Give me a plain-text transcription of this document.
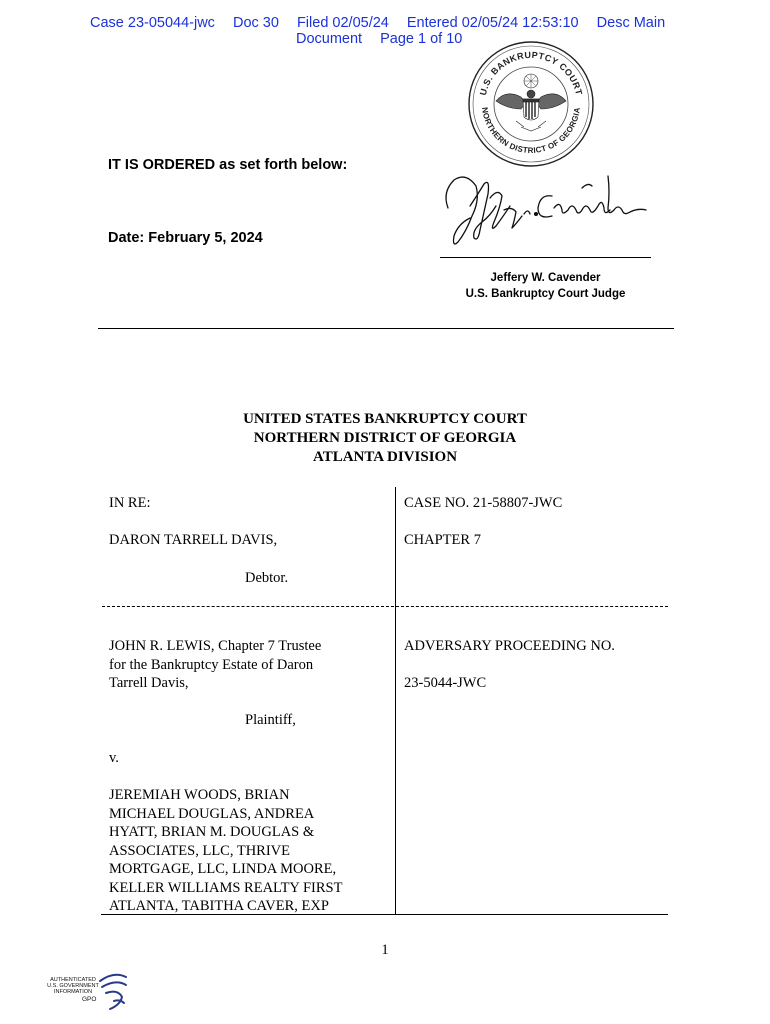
Case 23-05044-jwc Doc 30 Filed 02/05/24 Entered 02/05/24 12:53:10 Desc Main
Document Page 1 of 10
U.S. BANKRUPTCY COURT
NORTHERN DISTRICT OF GEORGIA
IT IS ORDERED as set forth below:
Date: February 5, 2024
Jeffery W. Cavender
U.S. Bankruptcy Court Judge
UNITED STATES BANKRUPTCY COURT
NORTHERN DISTRICT OF GEORGIA
ATLANTA DIVISION
IN RE:
DARON TARRELL DAVIS,
Debtor.
JOHN R. LEWIS, Chapter 7 Trustee
for the Bankruptcy Estate of Daron
Tarrell Davis,
Plaintiff,
v.
JEREMIAH WOODS, BRIAN
MICHAEL DOUGLAS, ANDREA
HYATT, BRIAN M. DOUGLAS &
ASSOCIATES, LLC, THRIVE
MORTGAGE, LLC, LINDA MOORE,
KELLER WILLIAMS REALTY FIRST
ATLANTA, TABITHA CAVER, EXP
CASE NO. 21-58807-JWC
CHAPTER 7
ADVERSARY PROCEEDING NO.
23-5044-JWC
1
AUTHENTICATED
U.S. GOVERNMENT
INFORMATION
GPO
